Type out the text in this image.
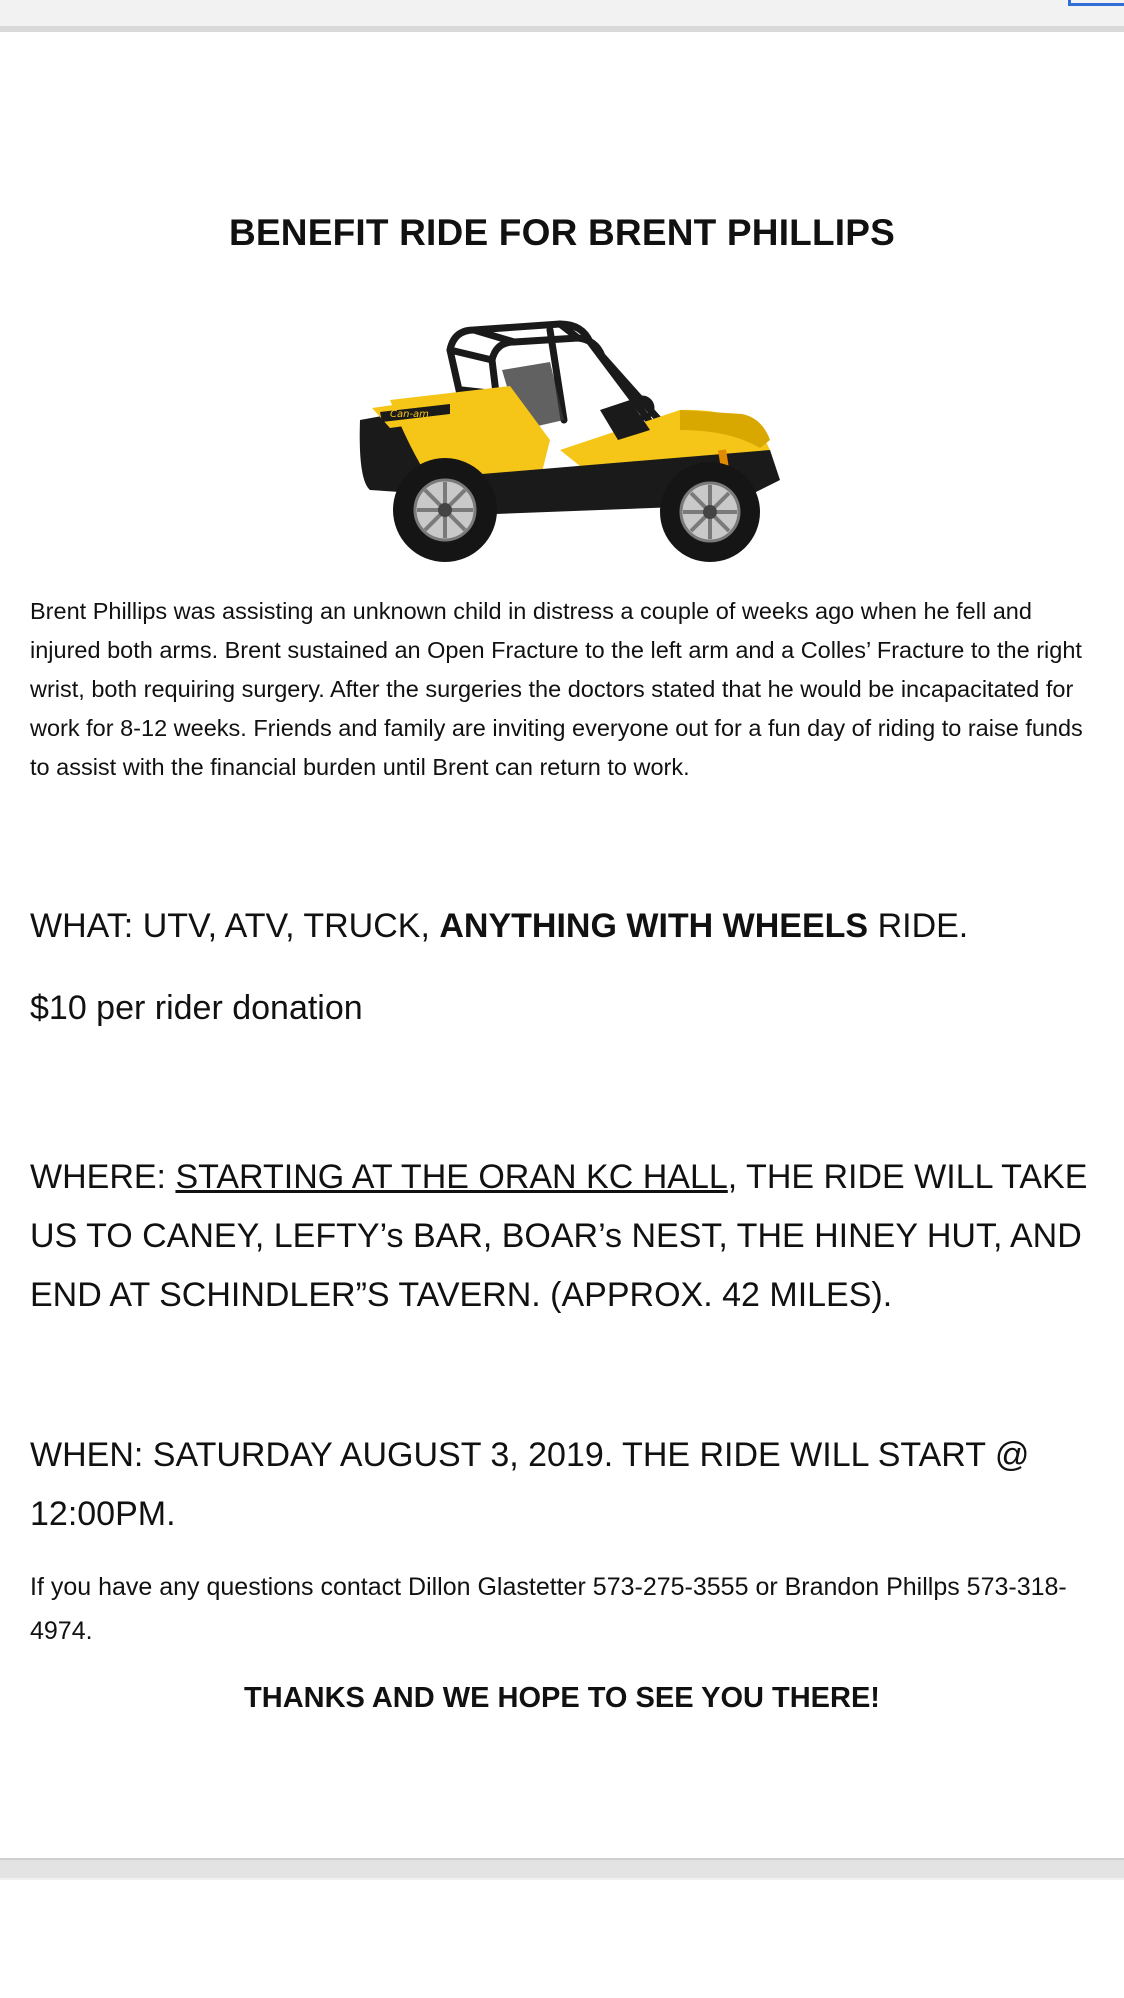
BENEFIT RIDE FOR BRENT PHILLIPS
Can-am
Brent Phillips was assisting an unknown child in distress a couple of weeks ago when he fell and injured both arms. Brent sustained an Open Fracture to the left arm and a Colles’ Fracture to the right wrist, both requiring surgery. After the surgeries the doctors stated that he would be incapacitated for work for 8-12 weeks. Friends and family are inviting everyone out for a fun day of riding to raise funds to assist with the financial burden until Brent can return to work.
WHAT: UTV, ATV, TRUCK, ANYTHING WITH WHEELS RIDE.
$10 per rider donation
WHERE: STARTING AT THE ORAN KC HALL, THE RIDE WILL TAKE US TO CANEY, LEFTY’s BAR, BOAR’s NEST, THE HINEY HUT, AND END AT SCHINDLER”S TAVERN. (APPROX. 42 MILES).
WHEN: SATURDAY AUGUST 3, 2019. THE RIDE WILL START @ 12:00PM.
If you have any questions contact Dillon Glastetter 573-275-3555 or Brandon Phillps 573-318-4974.
THANKS AND WE HOPE TO SEE YOU THERE!
